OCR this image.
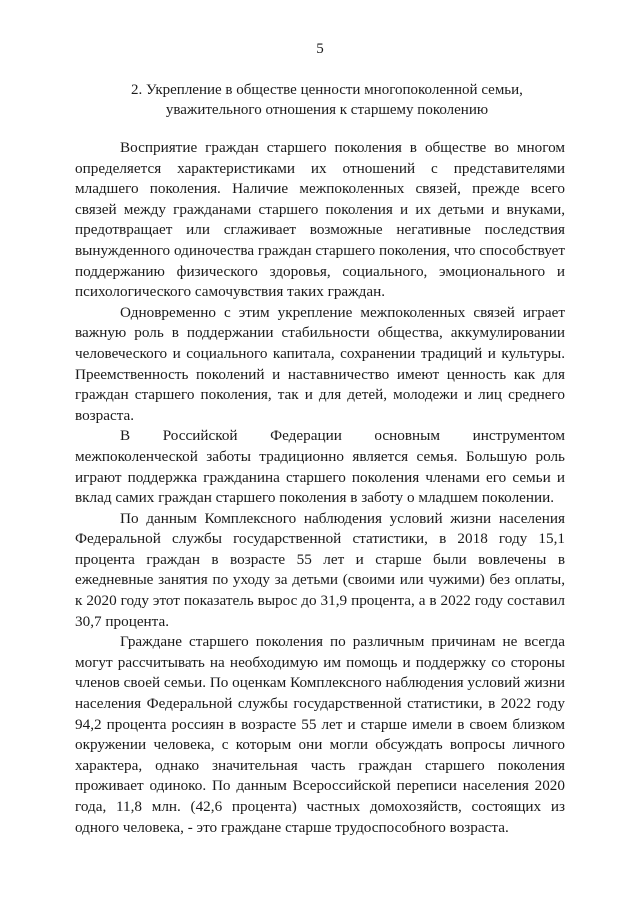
5
2. Укрепление в обществе ценности многопоколенной семьи,
уважительного отношения к старшему поколению

Восприятие граждан старшего поколения в обществе во многом определяется характеристиками их отношений с представителями младшего поколения. Наличие межпоколенных связей, прежде всего связей между гражданами старшего поколения и их детьми и внуками, предотвращает или сглаживает возможные негативные последствия вынужденного одиночества граждан старшего поколения, что способствует поддержанию физического здоровья, социального, эмоционального и психологического самочувствия таких граждан.

Одновременно с этим укрепление межпоколенных связей играет важную роль в поддержании стабильности общества, аккумулировании человеческого и социального капитала, сохранении традиций и культуры. Преемственность поколений и наставничество имеют ценность как для граждан старшего поколения, так и для детей, молодежи и лиц среднего возраста.

В Российской Федерации основным инструментом межпоколенческой заботы традиционно является семья. Большую роль играют поддержка гражданина старшего поколения членами его семьи и вклад самих граждан старшего поколения в заботу о младшем поколении.

По данным Комплексного наблюдения условий жизни населения Федеральной службы государственной статистики, в 2018 году 15,1 процента граждан в возрасте 55 лет и старше были вовлечены в ежедневные занятия по уходу за детьми (своими или чужими) без оплаты, к 2020 году этот показатель вырос до 31,9 процента, а в 2022 году составил 30,7 процента.

Граждане старшего поколения по различным причинам не всегда могут рассчитывать на необходимую им помощь и поддержку со стороны членов своей семьи. По оценкам Комплексного наблюдения условий жизни населения Федеральной службы государственной статистики, в 2022 году 94,2 процента россиян в возрасте 55 лет и старше имели в своем близком окружении человека, с которым они могли обсуждать вопросы личного характера, однако значительная часть граждан старшего поколения проживает одиноко. По данным Всероссийской переписи населения 2020 года, 11,8 млн. (42,6 процента) частных домохозяйств, состоящих из одного человека, - это граждане старше трудоспособного возраста.
